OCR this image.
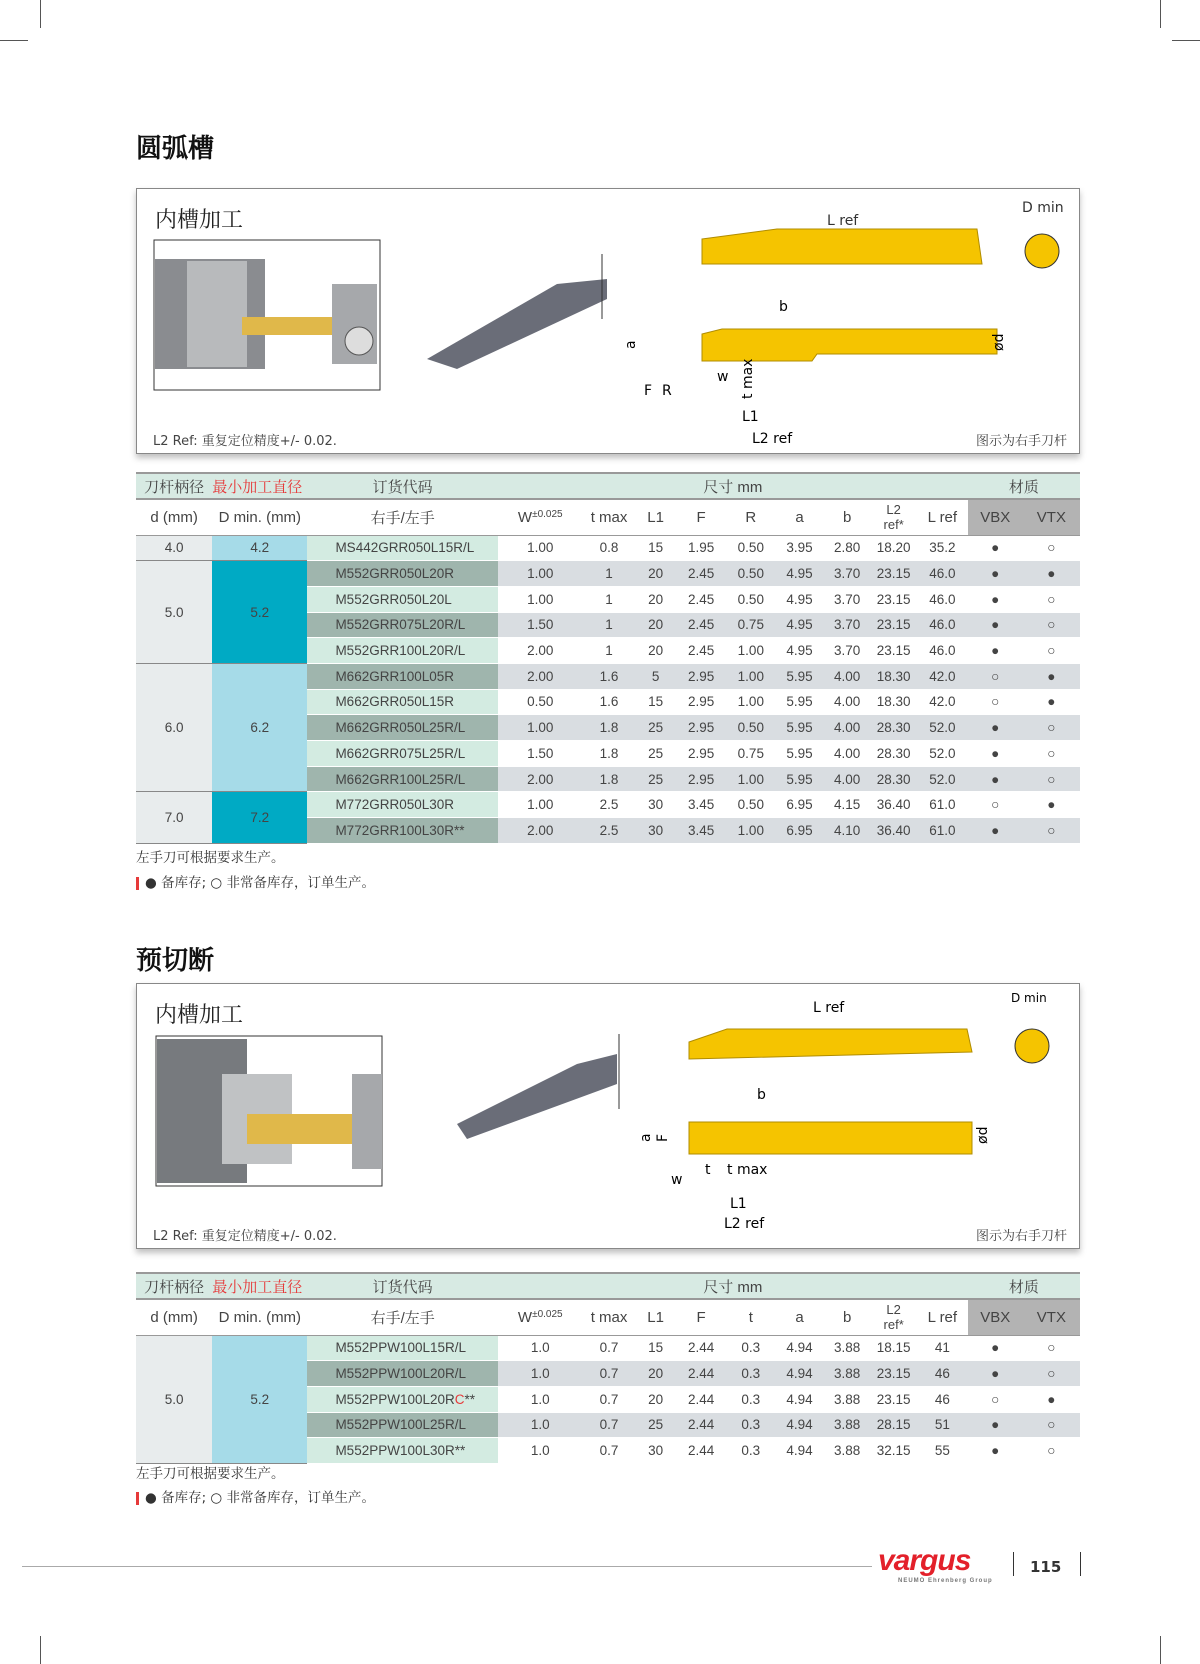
圆弧槽
内槽加工	L ref
D min
b
a	ød
w
F R	t max
L1
L2 ref
L2 Ref: 重复定位精度+/- 0.02.	图示为右手刀杆
刀杆柄径	最小加工直径	订货代码	尺寸 mm									材质	
d (mm)	D min. (mm)	右手/左手	$W^{\pm 0.025}$	t max	L1	F	R	a	b	L2
ref*	L ref	VBX	VTX
4.0	4.2	MS442GRR050L15R/L	1.00	0.8	15	1.95	0.50	3.95	2.80	18.20	35.2	●	○
5.0	5.2	M552GRR050L20R	1.00	1	20	2.45	0.50	4.95	3.70	23.15	46.0	●	●
		M552GRR050L20L	1.00	1	20	2.45	0.50	4.95	3.70	23.15	46.0	●	○
		M552GRR075L20R/L	1.50	1	20	2.45	0.75	4.95	3.70	23.15	46.0	●	○
		M552GRR100L20R/L	2.00	1	20	2.45	1.00	4.95	3.70	23.15	46.0	●	○
6.0	6.2	M662GRR100L05R	2.00	1.6	5	2.95	1.00	5.95	4.00	18.30	42.0	○	●
		M662GRR050L15R	0.50	1.6	15	2.95	1.00	5.95	4.00	18.30	42.0	○	●
		M662GRR050L25R/L	1.00	1.8	25	2.95	0.50	5.95	4.00	28.30	52.0	●	○
		M662GRR075L25R/L	1.50	1.8	25	2.95	0.75	5.95	4.00	28.30	52.0	●	○
		M662GRR100L25R/L	2.00	1.8	25	2.95	1.00	5.95	4.00	28.30	52.0	●	○
7.0	7.2	M772GRR050L30R	1.00	2.5	30	3.45	0.50	6.95	4.15	36.40	61.0	○	●
		M772GRR100L30R**	2.00	2.5	30	3.45	1.00	6.95	4.10	36.40	61.0	●	○
左手刀可根据要求生产。
● 备库存; ○ 非常备库存，订单生产。
预切断
内槽加工	L ref
D min
b
a F	ød
w
t t max
L1
L2 ref
L2 Ref: 重复定位精度+/- 0.02.	图示为右手刀杆
刀杆柄径	最小加工直径	订货代码	尺寸 mm									材质	
d (mm)	D min. (mm)	右手/左手	$W^{\pm 0.025}$	t max	L1	F	t	a	b	L2
ref*	L ref	VBX	VTX
5.0	5.2	M552PPW100L15R/L	1.0	0.7	15	2.44	0.3	4.94	3.88	18.15	41	●	○
		M552PPW100L20R/L	1.0	0.7	20	2.44	0.3	4.94	3.88	23.15	46	●	○
		M552PPW100L20RC**	1.0	0.7	20	2.44	0.3	4.94	3.88	23.15	46	○	●
		M552PPW100L25R/L	1.0	0.7	25	2.44	0.3	4.94	3.88	28.15	51	●	○
		M552PPW100L30R**	1.0	0.7	30	2.44	0.3	4.94	3.88	32.15	55	●	○
左手刀可根据要求生产。
● 备库存; ○ 非常备库存，订单生产。
vargus
NEUMO Ehrenberg Group
115
